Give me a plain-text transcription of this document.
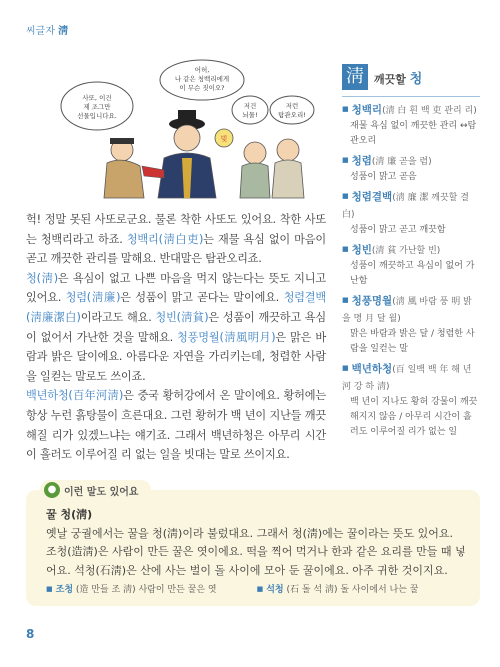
씨글자 淸
사또, 이건
제 조그만
선물입니다요.
어허,
나 같은 청백리에게
이 무슨 짓이오?
저건
뇌물!
저런
탐관오리!
빚

헉! 정말 못된 사또로군요. 물론 착한 사또도 있어요. 착한 사또는 청백리라고 하죠. 청백리(淸白吏)는 재물 욕심 없이 마음이 곧고 깨끗한 관리를 말해요. 반대말은 탐관오리죠.

청(淸)은 욕심이 없고 나쁜 마음을 먹지 않는다는 뜻도 지니고 있어요. 청렴(淸廉)은 성품이 맑고 곧다는 말이에요. 청렴결백(淸廉潔白)이라고도 해요. 청빈(淸貧)은 성품이 깨끗하고 욕심이 없어서 가난한 것을 말해요. 청풍명월(淸風明月)은 맑은 바람과 밝은 달이에요. 아름다운 자연을 가리키는데, 청렴한 사람을 일컫는 말로도 쓰이죠.

백년하청(百年河淸)은 중국 황허강에서 온 말이에요. 황허에는 항상 누런 흙탕물이 흐른대요. 그런 황허가 백 년이 지난들 깨끗해질 리가 있겠느냐는 얘기죠. 그래서 백년하청은 아무리 시간이 흘러도 이루어질 리 없는 일을 빗대는 말로 쓰이지요.

淸 깨끗할 청
■ 청백리(淸 白 흰 백 吏 관리 리)
재물 욕심 없이 깨끗한 관리 ↔탐관오리
■ 청렴(淸 廉 곧을 렴)
성품이 맑고 곧음
■ 청렴결백(淸 廉 潔 깨끗할 결 白)
성품이 맑고 곧고 깨끗함
■ 청빈(淸 貧 가난할 빈)
성품이 깨끗하고 욕심이 없어 가난함
■ 청풍명월(淸 風 바람 풍 明 밝을 명 月 달 월)
맑은 바람과 밝은 달 / 청렴한 사람을 일컫는 말
■ 백년하청(百 일백 백 年 해 년 河 강 하 淸)
백 년이 지나도 황허 강물이 깨끗해지지 않음 / 아무리 시간이 흘러도 이루어질 리가 없는 일
● 이런 말도 있어요
꿀 청(淸)
옛날 궁궐에서는 꿀을 청(淸)이라 불렀대요. 그래서 청(淸)에는 꿀이라는 뜻도 있어요.
조청(造淸)은 사람이 만든 꿀은 엿이에요. 떡을 찍어 먹거나 한과 같은 요리를 만들 때 넣어요. 석청(石淸)은 산에 사는 벌이 돌 사이에 모아 둔 꿀이에요. 아주 귀한 것이지요.
■ 조청 (造 만들 조 淸) 사람이 만든 꿀은 엿
■	석청 (石 돌 석 淸) 돌 사이에서 나는 꿀
8
